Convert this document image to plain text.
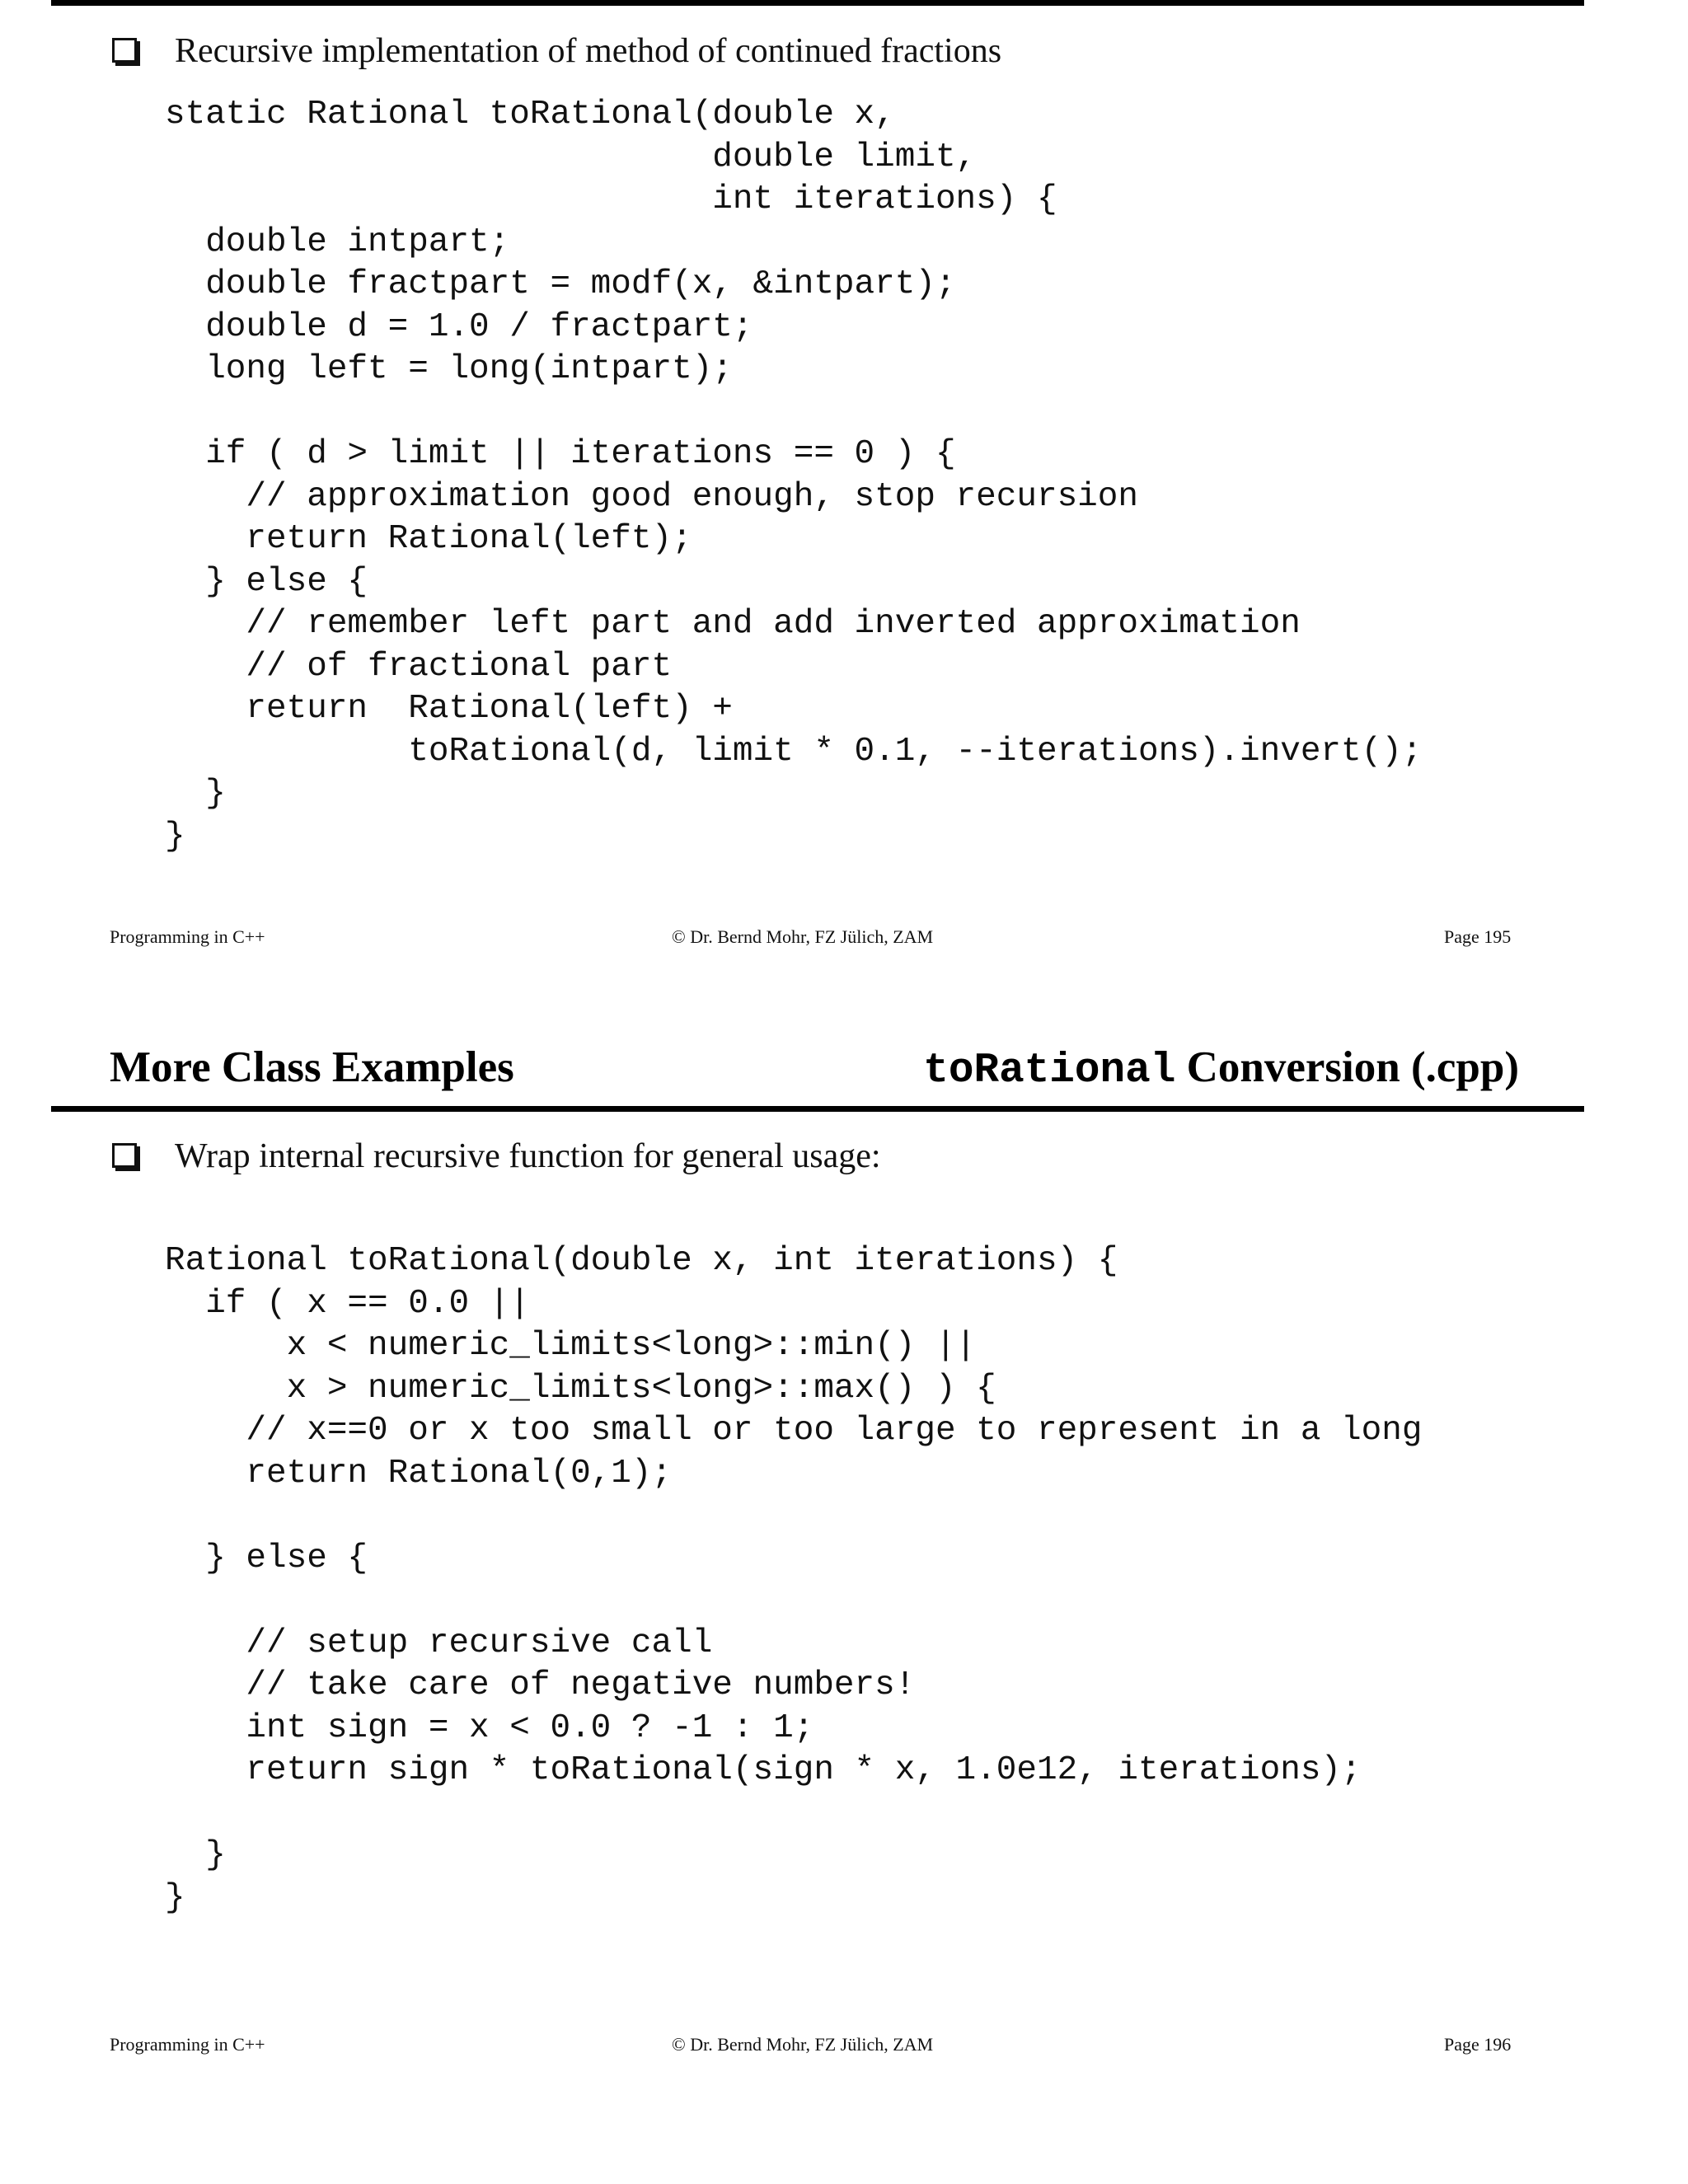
Recursive implementation of method of continued fractions
static Rational toRational(double x,
double limit,
int iterations) {
double intpart;
double fractpart = modf(x, &intpart);
double d = 1.0 / fractpart;
long left = long(intpart);

if ( d > limit || iterations == 0 ) {
// approximation good enough, stop recursion
return Rational(left);
} else {
// remember left part and add inverted approximation
// of fractional part
return  Rational(left) +
toRational(d, limit * 0.1, --iterations).invert();
}
}
Programming in C++	© Dr. Bernd Mohr, FZ Jülich, ZAM	Page 195
More Class Examples	toRational Conversion (.cpp)
Wrap internal recursive function for general usage:
Rational toRational(double x, int iterations) {
if ( x == 0.0 ||
x < numeric_limits<long>::min() ||
x > numeric_limits<long>::max() ) {
// x==0 or x too small or too large to represent in a long
return Rational(0,1);

} else {

// setup recursive call
// take care of negative numbers!
int sign = x < 0.0 ? -1 : 1;
return sign * toRational(sign * x, 1.0e12, iterations);

}
}
Programming in C++	© Dr. Bernd Mohr, FZ Jülich, ZAM	Page 196
